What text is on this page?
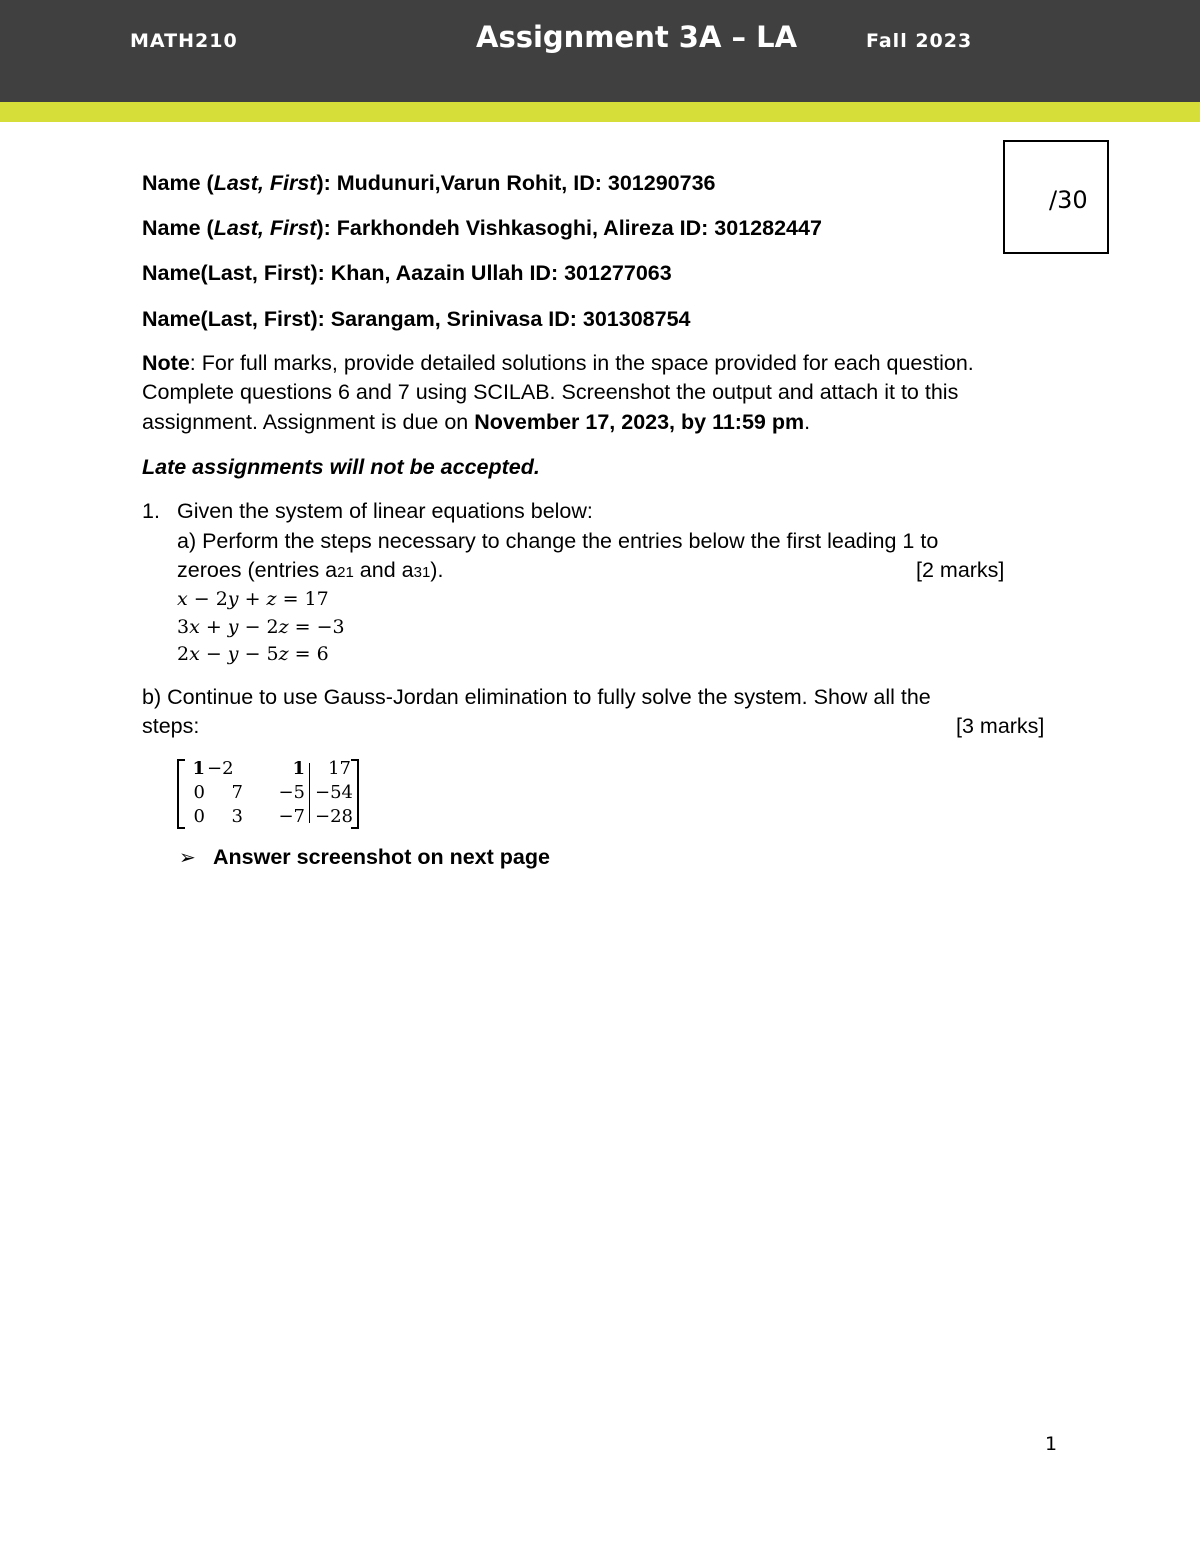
MATH210	Assignment 3A – LA	Fall 2023
/30
Name (Last, First): Mudunuri,Varun Rohit, ID: 301290736
Name (Last, First): Farkhondeh Vishkasoghi, Alireza ID: 301282447
Name(Last, First): Khan, Aazain Ullah ID: 301277063
Name(Last, First): Sarangam, Srinivasa ID: 301308754
Note: For full marks, provide detailed solutions in the space provided for each question.
Complete questions 6 and 7 using SCILAB. Screenshot the output and attach it to this
assignment. Assignment is due on November 17, 2023, by 11:59 pm.
Late assignments will not be accepted.
1. Given the system of linear equations below:
a) Perform the steps necessary to change the entries below the first leading 1 to
zeroes (entries a21 and a31).	[2 marks]
𝑥 − 2𝑦 + 𝑧 = 17
3𝑥 + 𝑦 − 2𝑧 = −3
2𝑥 − 𝑦 − 5𝑧 = 6
b) Continue to use Gauss-Jordan elimination to fully solve the system. Show all the
steps:	[3 marks]
1 −2	1	17
0	7	−5 −54
0	3	−7 −28
➢ Answer screenshot on next page
1
